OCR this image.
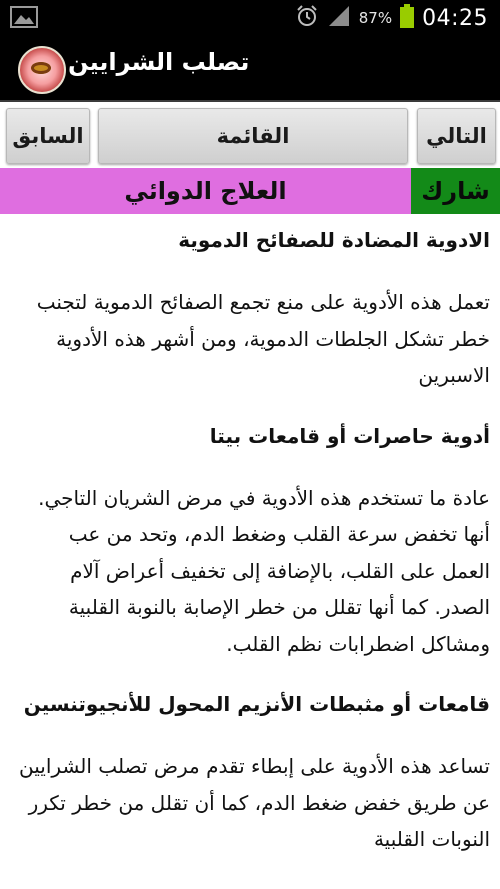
87% 04:25
تصلب الشرايين
السابق	القائمة	التالي
العلاج الدوائي	شارك
الادوية المضادة للصفائح الدموية
تعمل هذه الأدوية على منع تجمع الصفائح الدموية لتجنب خطر تشكل الجلطات الدموية، ومن أشهر هذه الأدوية الاسبرين
أدوية حاصرات أو قامعات بيتا
عادة ما تستخدم هذه الأدوية في مرض الشريان التاجي. أنها تخفض سرعة القلب وضغط الدم، وتحد من عب العمل على القلب، بالإضافة إلى تخفيف أعراض آلام الصدر. كما أنها تقلل من خطر الإصابة بالنوبة القلبية ومشاكل اضطرابات نظم القلب.
قامعات أو مثبطات الأنزيم المحول للأنجيوتنسين
تساعد هذه الأدوية على إبطاء تقدم مرض تصلب الشرايين عن طريق خفض ضغط الدم، كما أن تقلل من خطر تكرر النوبات القلبية
